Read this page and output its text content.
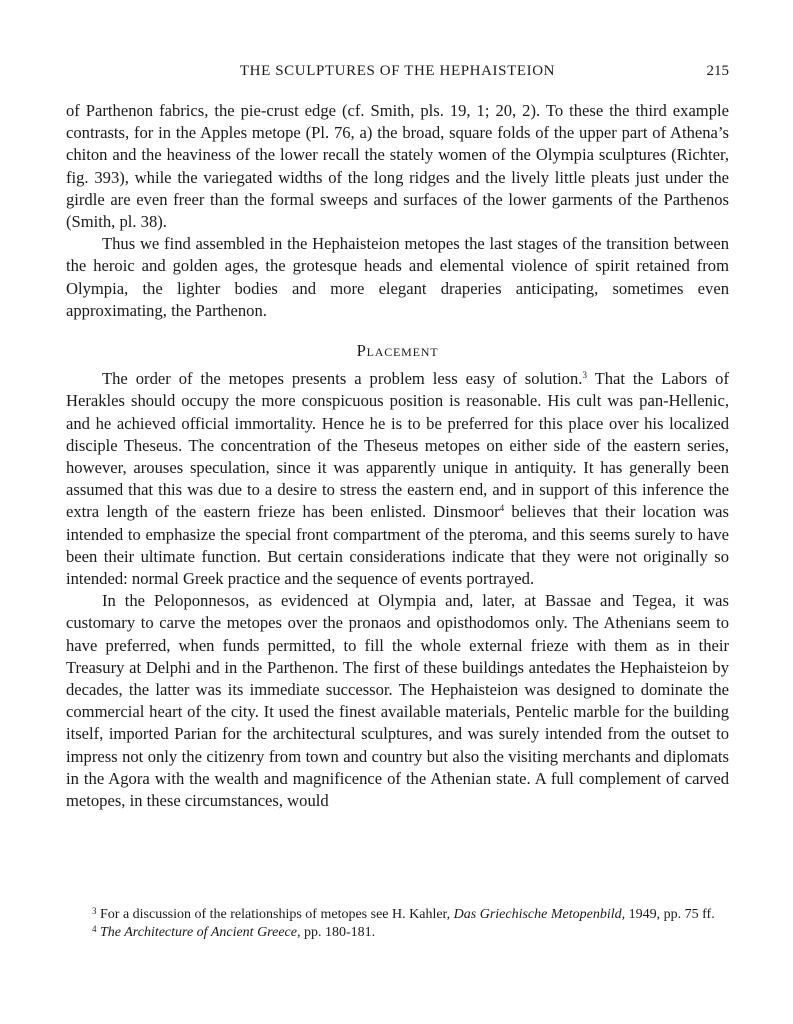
THE SCULPTURES OF THE HEPHAISTEION	215

of Parthenon fabrics, the pie-crust edge (cf. Smith, pls. 19, 1; 20, 2). To these the third example contrasts, for in the Apples metope (Pl. 76, a) the broad, square folds of the upper part of Athena’s chiton and the heaviness of the lower recall the stately women of the Olympia sculptures (Richter, fig. 393), while the variegated widths of the long ridges and the lively little pleats just under the girdle are even freer than the formal sweeps and surfaces of the lower garments of the Parthenos (Smith, pl. 38).

Thus we find assembled in the Hephaisteion metopes the last stages of the transition between the heroic and golden ages, the grotesque heads and elemental violence of spirit retained from Olympia, the lighter bodies and more elegant draperies anticipating, sometimes even approximating, the Parthenon.

Placement

The order of the metopes presents a problem less easy of solution.$^3$ That the Labors of Herakles should occupy the more conspicuous position is reasonable. His cult was pan-Hellenic, and he achieved official immortality. Hence he is to be preferred for this place over his localized disciple Theseus. The concentration of the Theseus metopes on either side of the eastern series, however, arouses speculation, since it was apparently unique in antiquity. It has generally been assumed that this was due to a desire to stress the eastern end, and in support of this inference the extra length of the eastern frieze has been enlisted. Dinsmoor$^4$ believes that their location was intended to emphasize the special front compartment of the pteroma, and this seems surely to have been their ultimate function. But certain considerations indicate that they were not originally so intended: normal Greek practice and the sequence of events portrayed.

In the Peloponnesos, as evidenced at Olympia and, later, at Bassae and Tegea, it was customary to carve the metopes over the pronaos and opisthodomos only. The Athenians seem to have preferred, when funds permitted, to fill the whole external frieze with them as in their Treasury at Delphi and in the Parthenon. The first of these buildings antedates the Hephaisteion by decades, the latter was its immediate successor. The Hephaisteion was designed to dominate the commercial heart of the city. It used the finest available materials, Pentelic marble for the building itself, imported Parian for the architectural sculptures, and was surely intended from the outset to impress not only the citizenry from town and country but also the visiting merchants and diplomats in the Agora with the wealth and magnificence of the Athenian state. A full complement of carved metopes, in these circumstances, would

$^3$ For a discussion of the relationships of metopes see H. Kahler, Das Griechische Metopenbild, 1949, pp. 75 ff.

$^4$ The Architecture of Ancient Greece, pp. 180-181.
